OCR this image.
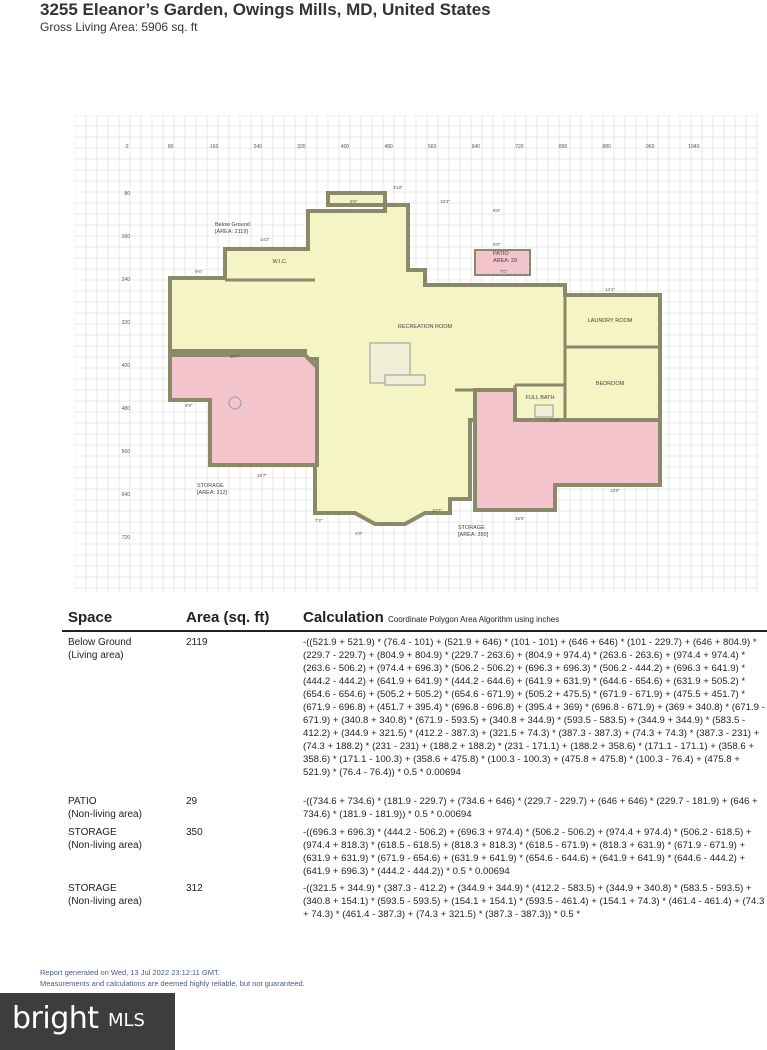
3255 Eleanor’s Garden, Owings Mills, MD, United States
Gross Living Area: 5906 sq. ft
0	80	160	240	320	400	480	560	640	720	800	880	960	1040
80
160
240
320
400
480
560
640
720
RECREATION ROOM
W.I.C.
LAUNDRY ROOM
BEDROOM
FULL BATH
PATIO
AREA: 29
STORAGE
[AREA: 312]
STORAGE
[AREA: 350]
Below Ground
[AREA: 2119]
3'10"
9'8"	10'4"
14'2"
9'6"
20'7"
6'8"
15'7"
14'1"
23'2"
13'0"
15'6"
10'7"
4'8"
7'2"
7'0"
5'8"
9'8"
Space	Area (sq. ft) Calculation Coordinate Polygon Area Algorithm using inches
Below Ground
(Living area)
2119	-((521.9 + 521.9) * (76.4 - 101) + (521.9 + 646) * (101 - 101) + (646 + 646) * (101 - 229.7) + (646 + 804.9) * (229.7 - 229.7) + (804.9 + 804.9) * (229.7 - 263.6) + (804.9 + 974.4) * (263.6 - 263.6) + (974.4 + 974.4) * (263.6 - 506.2) + (974.4 + 696.3) * (506.2 - 506.2) + (696.3 + 696.3) * (506.2 - 444.2) + (696.3 + 641.9) * (444.2 - 444.2) + (641.9 + 641.9) * (444.2 - 644.6) + (641.9 + 631.9) * (644.6 - 654.6) + (631.9 + 505.2) * (654.6 - 654.6) + (505.2 + 505.2) * (654.6 - 671.9) + (505.2 + 475.5) * (671.9 - 671.9) + (475.5 + 451.7) * (671.9 - 696.8) + (451.7 + 395.4) * (696.8 - 696.8) + (395.4 + 369) * (696.8 - 671.9) + (369 + 340.8) * (671.9 - 671.9) + (340.8 + 340.8) * (671.9 - 593.5) + (340.8 + 344.9) * (593.5 - 583.5) + (344.9 + 344.9) * (583.5 - 412.2) + (344.9 + 321.5) * (412.2 - 387.3) + (321.5 + 74.3) * (387.3 - 387.3) + (74.3 + 74.3) * (387.3 - 231) + (74.3 + 188.2) * (231 - 231) + (188.2 + 188.2) * (231 - 171.1) + (188.2 + 358.6) * (171.1 - 171.1) + (358.6 + 358.6) * (171.1 - 100.3) + (358.6 + 475.8) * (100.3 - 100.3) + (475.8 + 475.8) * (100.3 - 76.4) + (475.8 + 521.9) * (76.4 - 76.4)) * 0.5 * 0.00694
PATIO
(Non-living area)
29	-((734.6 + 734.6) * (181.9 - 229.7) + (734.6 + 646) * (229.7 - 229.7) + (646 + 646) * (229.7 - 181.9) + (646 + 734.6) * (181.9 - 181.9)) * 0.5 * 0.00694
STORAGE
(Non-living area)
350	-((696.3 + 696.3) * (444.2 - 506.2) + (696.3 + 974.4) * (506.2 - 506.2) + (974.4 + 974.4) * (506.2 - 618.5) + (974.4 + 818.3) * (618.5 - 618.5) + (818.3 + 818.3) * (618.5 - 671.9) + (818.3 + 631.9) * (671.9 - 671.9) + (631.9 + 631.9) * (671.9 - 654.6) + (631.9 + 641.9) * (654.6 - 644.6) + (641.9 + 641.9) * (644.6 - 444.2) + (641.9 + 696.3) * (444.2 - 444.2)) * 0.5 * 0.00694
STORAGE
(Non-living area)
312	-((321.5 + 344.9) * (387.3 - 412.2) + (344.9 + 344.9) * (412.2 - 583.5) + (344.9 + 340.8) * (583.5 - 593.5) + (340.8 + 154.1) * (593.5 - 593.5) + (154.1 + 154.1) * (593.5 - 461.4) + (154.1 + 74.3) * (461.4 - 461.4) + (74.3 + 74.3) * (461.4 - 387.3) + (74.3 + 321.5) * (387.3 - 387.3)) * 0.5 *
Report generated on Wed, 13 Jul 2022 23:12:11 GMT.
Measurements and calculations are deemed highly reliable, but not guaranteed.
bright MLS
